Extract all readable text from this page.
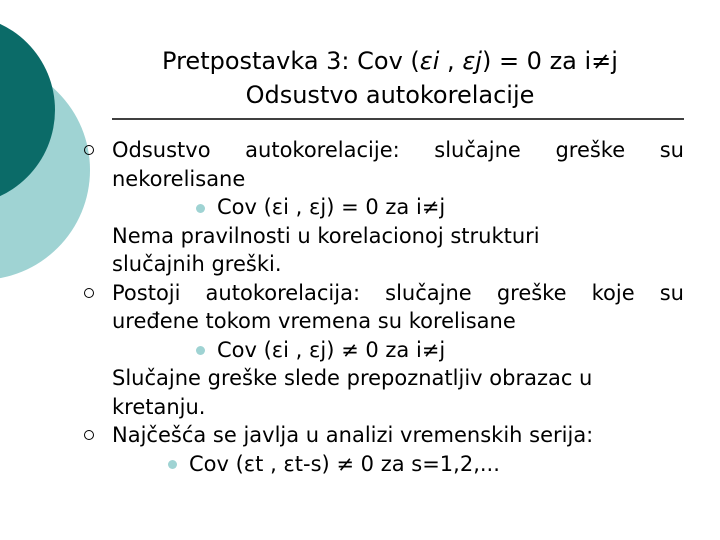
Pretpostavka 3: Cov (εi , εj) = 0 za i≠j
Odsustvo autokorelacije
Odsustvo autokorelacije: slučajne greške su
nekorelisane
Cov (εi , εj) = 0 za i≠j
Nema pravilnosti u korelacionoj strukturi
slučajnih greški.
Postoji autokorelacija: slučajne greške koje su
uređene tokom vremena su korelisane
Cov (εi , εj) ≠ 0 za i≠j
Slučajne greške slede prepoznatljiv obrazac u
kretanju.
Najčešća se javlja u analizi vremenskih serija:
Cov (εt , εt-s) ≠ 0 za s=1,2,...
